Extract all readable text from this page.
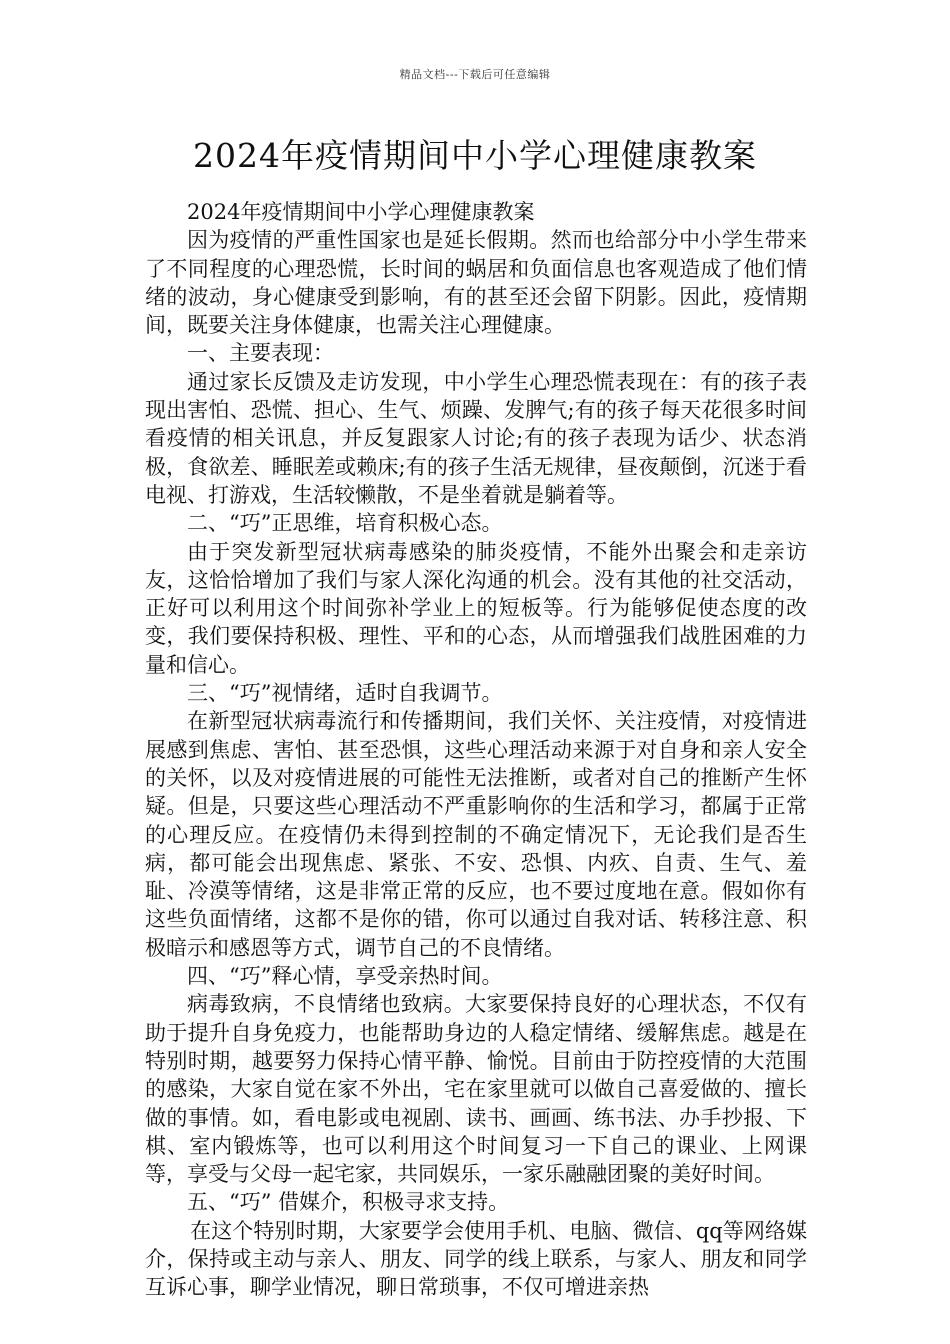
精品文档---下载后可任意编辑
2024年疫情期间中小学心理健康教案

2024年疫情期间中小学心理健康教案

因为疫情的严重性国家也是延长假期。然而也给部分中小学生带来了不同程度的心理恐慌，长时间的蜗居和负面信息也客观造成了他们情绪的波动，身心健康受到影响，有的甚至还会留下阴影。因此，疫情期间，既要关注身体健康，也需关注心理健康。

一、主要表现：

通过家长反馈及走访发现，中小学生心理恐慌表现在：有的孩子表现出害怕、恐慌、担心、生气、烦躁、发脾气;有的孩子每天花很多时间看疫情的相关讯息，并反复跟家人讨论;有的孩子表现为话少、状态消极，食欲差、睡眠差或赖床;有的孩子生活无规律，昼夜颠倒，沉迷于看电视、打游戏，生活较懒散，不是坐着就是躺着等。

二、“巧”正思维，培育积极心态。

由于突发新型冠状病毒感染的肺炎疫情，不能外出聚会和走亲访友，这恰恰增加了我们与家人深化沟通的机会。没有其他的社交活动，正好可以利用这个时间弥补学业上的短板等。行为能够促使态度的改变，我们要保持积极、理性、平和的心态，从而增强我们战胜困难的力量和信心。

三、“巧”视情绪，适时自我调节。

在新型冠状病毒流行和传播期间，我们关怀、关注疫情，对疫情进展感到焦虑、害怕、甚至恐惧，这些心理活动来源于对自身和亲人安全的关怀，以及对疫情进展的可能性无法推断，或者对自己的推断产生怀疑。但是，只要这些心理活动不严重影响你的生活和学习，都属于正常的心理反应。在疫情仍未得到控制的不确定情况下，无论我们是否生病，都可能会出现焦虑、紧张、不安、恐惧、内疚、自责、生气、羞耻、冷漠等情绪，这是非常正常的反应，也不要过度地在意。假如你有这些负面情绪，这都不是你的错，你可以通过自我对话、转移注意、积极暗示和感恩等方式，调节自己的不良情绪。

四、“巧”释心情，享受亲热时间。

病毒致病，不良情绪也致病。大家要保持良好的心理状态，不仅有助于提升自身免疫力，也能帮助身边的人稳定情绪、缓解焦虑。越是在特别时期，越要努力保持心情平静、愉悦。目前由于防控疫情的大范围的感染，大家自觉在家不外出，宅在家里就可以做自己喜爱做的、擅长做的事情。如，看电影或电视剧、读书、画画、练书法、办手抄报、下棋、室内锻炼等，也可以利用这个时间复习一下自己的课业、上网课等，享受与父母一起宅家，共同娱乐，一家乐融融团聚的美好时间。

五、“巧” 借媒介，积极寻求支持。

在这个特别时期，大家要学会使用手机、电脑、微信、qq等网络媒介，保持或主动与亲人、朋友、同学的线上联系，与家人、朋友和同学互诉心事，聊学业情况，聊日常琐事，不仅可增进亲热
